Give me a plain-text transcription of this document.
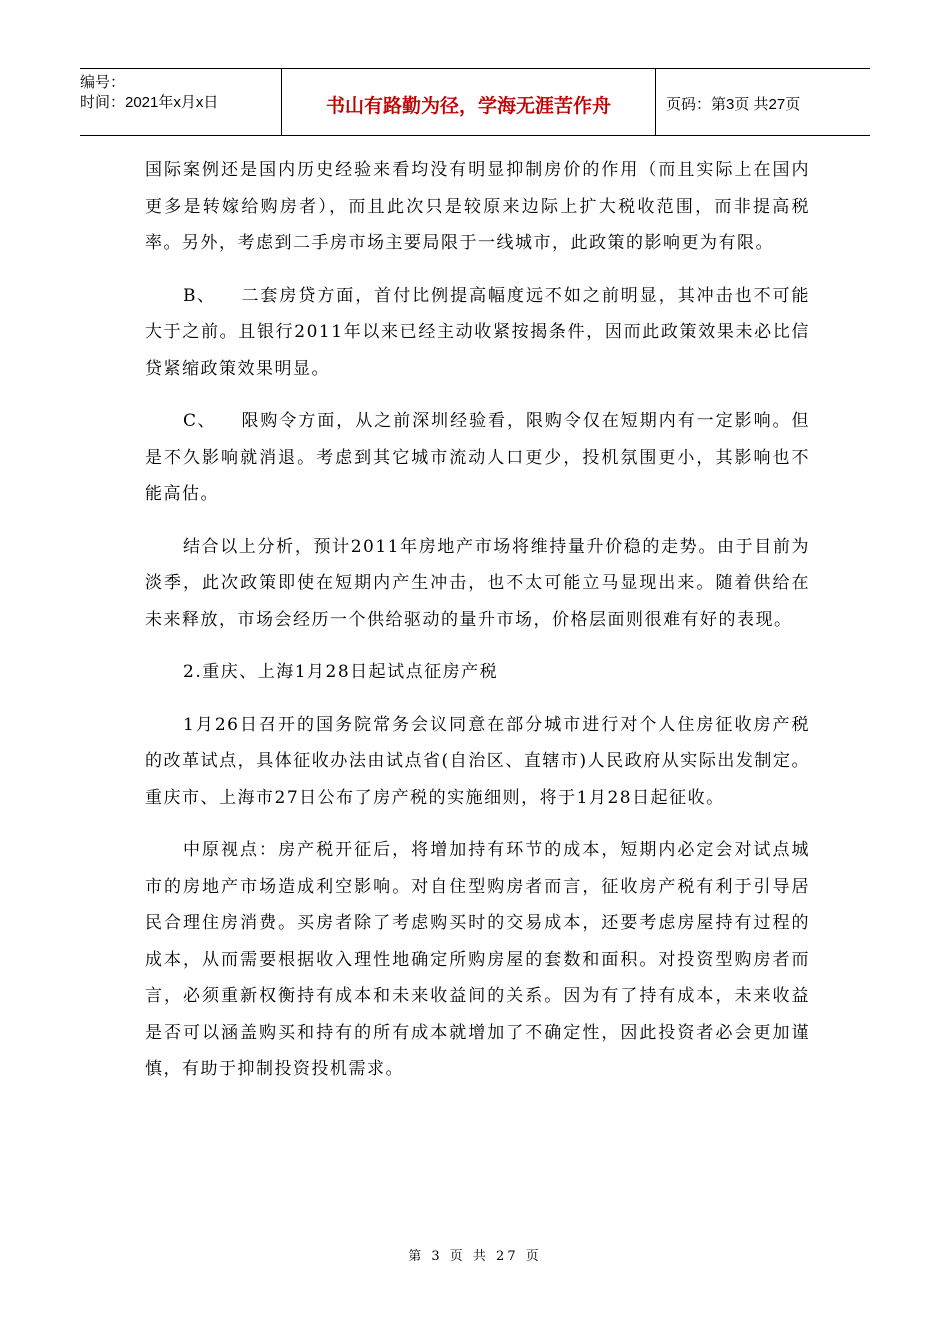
编号：
时间：2021年x月x日	书山有路勤为径，学海无涯苦作舟	页码：第3页 共27页

国际案例还是国内历史经验来看均没有明显抑制房价的作用（而且实际上在国内更多是转嫁给购房者），而且此次只是较原来边际上扩大税收范围，而非提高税率。另外，考虑到二手房市场主要局限于一线城市，此政策的影响更为有限。

B、 二套房贷方面，首付比例提高幅度远不如之前明显，其冲击也不可能大于之前。且银行2011年以来已经主动收紧按揭条件，因而此政策效果未必比信贷紧缩政策效果明显。

C、 限购令方面，从之前深圳经验看，限购令仅在短期内有一定影响。但是不久影响就消退。考虑到其它城市流动人口更少，投机氛围更小，其影响也不能高估。

结合以上分析，预计2011年房地产市场将维持量升价稳的走势。由于目前为淡季，此次政策即使在短期内产生冲击，也不太可能立马显现出来。随着供给在未来释放，市场会经历一个供给驱动的量升市场，价格层面则很难有好的表现。

2.重庆、上海1月28日起试点征房产税

1月26日召开的国务院常务会议同意在部分城市进行对个人住房征收房产税的改革试点，具体征收办法由试点省(自治区、直辖市)人民政府从实际出发制定。重庆市、上海市27日公布了房产税的实施细则，将于1月28日起征收。

中原视点：房产税开征后，将增加持有环节的成本，短期内必定会对试点城市的房地产市场造成利空影响。对自住型购房者而言，征收房产税有利于引导居民合理住房消费。买房者除了考虑购买时的交易成本，还要考虑房屋持有过程的成本，从而需要根据收入理性地确定所购房屋的套数和面积。对投资型购房者而言，必须重新权衡持有成本和未来收益间的关系。因为有了持有成本，未来收益是否可以涵盖购买和持有的所有成本就增加了不确定性，因此投资者必会更加谨慎，有助于抑制投资投机需求。

第 3 页 共 27 页
